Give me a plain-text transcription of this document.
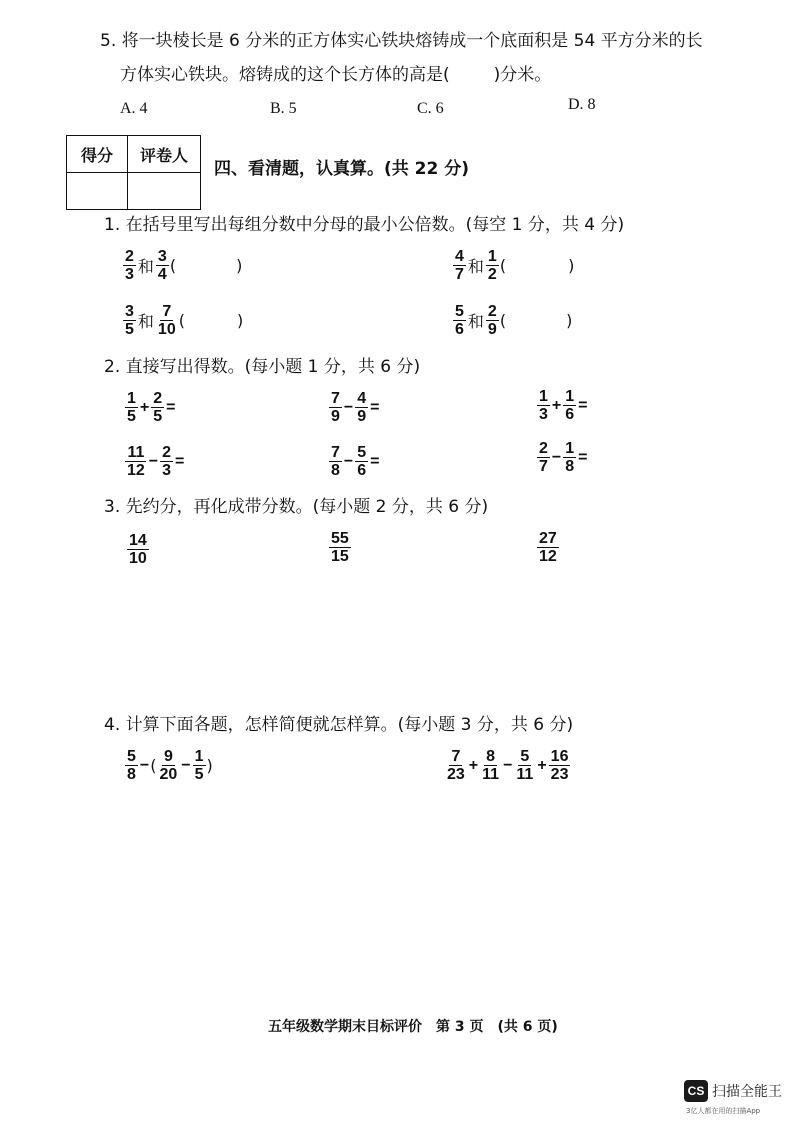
5. 将一块棱长是 6 分米的正方体实心铁块熔铸成一个底面积是 54 平方分米的长
方体实心铁块。熔铸成的这个长方体的高是(	)分米。
A. 4	B. 5	C. 6	D. 8
得分	评卷人

四、看清题，认真算。(共 22 分)
1. 在括号里写出每组分数中分母的最小公倍数。(每空 1 分，共 4 分)
$\frac{2}{3}$ 和 $\frac{3}{4}$ (	)	$\frac{4}{7}$ 和 $\frac{1}{2}$ (	)
$\frac{3}{5}$ 和 $\frac{7}{10}$ (	)	$\frac{5}{6}$ 和 $\frac{2}{9}$ (	)
2. 直接写出得数。(每小题 1 分，共 6 分)
$\frac{1}{5} + \frac{2}{5}$ =	$\frac{7}{9} - \frac{4}{9}$ =	$\frac{1}{3} + \frac{1}{6}$ =
$\frac{11}{12} - \frac{2}{3}$ =	$\frac{7}{8} - \frac{5}{6}$ =	$\frac{2}{7} - \frac{1}{8}$ =
3. 先约分，再化成带分数。(每小题 2 分，共 6 分)
$\frac{14}{10}$	$\frac{55}{15}$	$\frac{27}{12}$
4. 计算下面各题，怎样简便就怎样算。(每小题 3 分，共 6 分)
$\frac{5}{8}$ − ( $\frac{9}{20} - \frac{1}{5}$ )	$\frac{7}{23} + \frac{8}{11} - \frac{5}{11} + \frac{16}{23}$
五年级数学期末目标评价　第 3 页　(共 6 页)
CS 扫描全能王
3亿人都在用的扫描App
